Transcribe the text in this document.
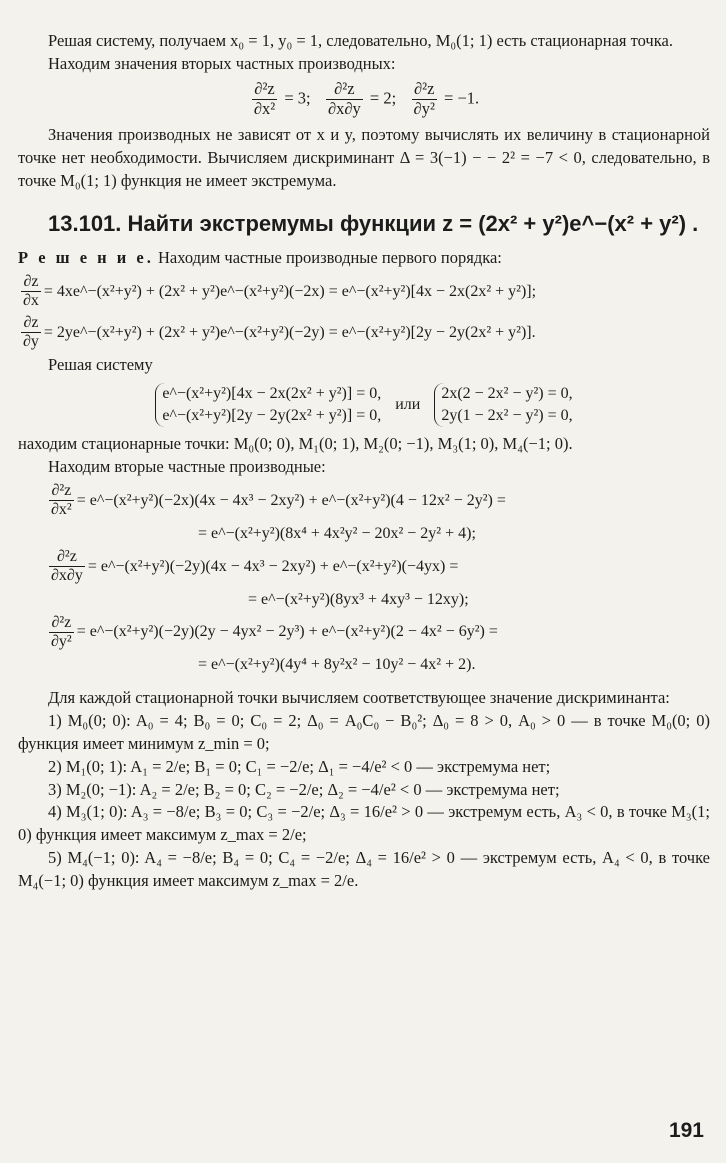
Решая систему, получаем x₀ = 1, y₀ = 1, следовательно, M₀(1; 1) есть стационарная точка.

Находим значения вторых частных производных:

$\frac{\text{∂²z}}{\text{∂x²}} = 3$; $\frac{\text{∂²z}}{\partial x\partial y} = 2$; $\frac{\text{∂²z}}{\text{∂y²}} = -1$.

Значения производных не зависят от x и y, поэтому вычислять их величину в стационарной точке нет необходимости. Вычисляем дискриминант Δ = 3(−1) − − 2² = −7 < 0, следовательно, в точке M₀(1; 1) функция не имеет экстремума.

13.101. Найти экстремумы функции z = (2x² + y²)e^−(x² + y²) .

Р е ш е н и е. Находим частные производные первого порядка:

$\frac{\partial z}{\partial x}$ = 4xe^−(x²+y²) + (2x² + y²)e^−(x²+y²)(−2x) = e^−(x²+y²)[4x − 2x(2x² + y²)];
$\frac{\partial z}{\partial y}$ = 2ye^−(x²+y²) + (2x² + y²)e^−(x²+y²)(−2y) = e^−(x²+y²)[2y − 2y(2x² + y²)].

Решая систему

e^−(x²+y²)[4x − 2x(2x² + y²)] = 0,
e^−(x²+y²)[2y − 2y(2x² + y²)] = 0,
или
2x(2 − 2x² − y²) = 0,
2y(1 − 2x² − y²) = 0,

находим стационарные точки: M₀(0; 0), M₁(0; 1), M₂(0; −1), M₃(1; 0), M₄(−1; 0).

Находим вторые частные производные:

$\frac{\text{∂²z}}{\text{∂x²}}$ = e^−(x²+y²)(−2x)(4x − 4x³ − 2xy²) + e^−(x²+y²)(4 − 12x² − 2y²) =
= e^−(x²+y²)(8x⁴ + 4x²y² − 20x² − 2y² + 4);
$\frac{\text{∂²z}}{\partial x\partial y}$ = e^−(x²+y²)(−2y)(4x − 4x³ − 2xy²) + e^−(x²+y²)(−4yx) =
= e^−(x²+y²)(8yx³ + 4xy³ − 12xy);
$\frac{\text{∂²z}}{\text{∂y²}}$ = e^−(x²+y²)(−2y)(2y − 4yx² − 2y³) + e^−(x²+y²)(2 − 4x² − 6y²) =
= e^−(x²+y²)(4y⁴ + 8y²x² − 10y² − 4x² + 2).

Для каждой стационарной точки вычисляем соответствующее значение дискриминанта:

1) M₀(0; 0): A₀ = 4; B₀ = 0; C₀ = 2; Δ₀ = A₀C₀ − B₀²; Δ₀ = 8 > 0, A₀ > 0 — в точке M₀(0; 0) функция имеет минимум z_min = 0;

2) M₁(0; 1): A₁ = 2/e; B₁ = 0; C₁ = −2/e; Δ₁ = −4/e² < 0 — экстремума нет;

3) M₂(0; −1): A₂ = 2/e; B₂ = 0; C₂ = −2/e; Δ₂ = −4/e² < 0 — экстремума нет;

4) M₃(1; 0): A₃ = −8/e; B₃ = 0; C₃ = −2/e; Δ₃ = 16/e² > 0 — экстремум есть, A₃ < 0, в точке M₃(1; 0) функция имеет максимум z_max = 2/e;

5) M₄(−1; 0): A₄ = −8/e; B₄ = 0; C₄ = −2/e; Δ₄ = 16/e² > 0 — экстремум есть, A₄ < 0, в точке M₄(−1; 0) функция имеет максимум z_max = 2/e.

191
